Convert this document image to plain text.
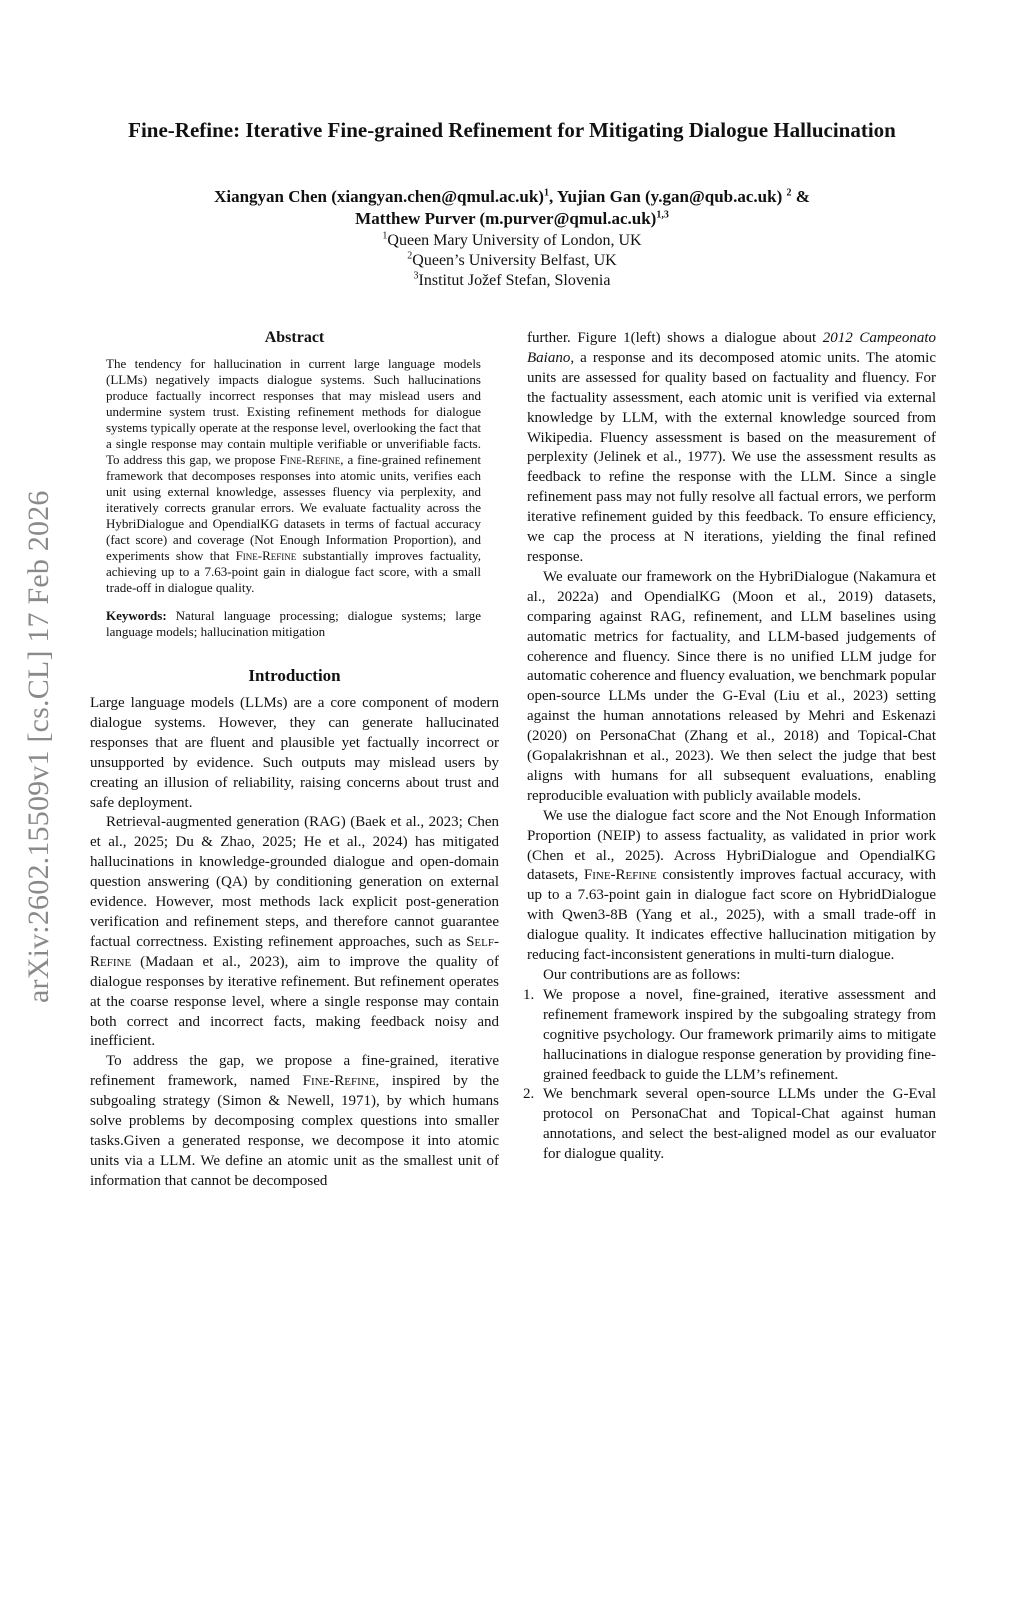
arXiv:2602.15509v1 [cs.CL] 17 Feb 2026
Fine-Refine: Iterative Fine-grained Refinement for Mitigating Dialogue Hallucination
Xiangyan Chen (xiangyan.chen@qmul.ac.uk)$^1$, Yujian Gan (y.gan@qub.ac.uk) $^2$ &
Matthew Purver (m.purver@qmul.ac.uk)$^{1,3}$
$^1$Queen Mary University of London, UK
$^2$Queen’s University Belfast, UK
$^3$Institut Jožef Stefan, Slovenia
Abstract

The tendency for hallucination in current large language models (LLMs) negatively impacts dialogue systems. Such hallucinations produce factually incorrect responses that may mislead users and undermine system trust. Existing refinement methods for dialogue systems typically operate at the response level, overlooking the fact that a single response may contain multiple verifiable or unverifiable facts. To address this gap, we propose Fine-Refine, a fine-grained refinement framework that decomposes responses into atomic units, verifies each unit using external knowledge, assesses fluency via perplexity, and iteratively corrects granular errors. We evaluate factuality across the HybriDialogue and OpendialKG datasets in terms of factual accuracy (fact score) and coverage (Not Enough Information Proportion), and experiments show that Fine-Refine substantially improves factuality, achieving up to a 7.63-point gain in dialogue fact score, with a small trade-off in dialogue quality.

Keywords: Natural language processing; dialogue systems; large language models; hallucination mitigation

Introduction

Large language models (LLMs) are a core component of modern dialogue systems. However, they can generate hallucinated responses that are fluent and plausible yet factually incorrect or unsupported by evidence. Such outputs may mislead users by creating an illusion of reliability, raising concerns about trust and safe deployment.

Retrieval-augmented generation (RAG) (Baek et al., 2023; Chen et al., 2025; Du & Zhao, 2025; He et al., 2024) has mitigated hallucinations in knowledge-grounded dialogue and open-domain question answering (QA) by conditioning generation on external evidence. However, most methods lack explicit post-generation verification and refinement steps, and therefore cannot guarantee factual correctness. Existing refinement approaches, such as Self-Refine (Madaan et al., 2023), aim to improve the quality of dialogue responses by iterative refinement. But refinement operates at the coarse response level, where a single response may contain both correct and incorrect facts, making feedback noisy and inefficient.

To address the gap, we propose a fine-grained, iterative refinement framework, named Fine-Refine, inspired by the subgoaling strategy (Simon & Newell, 1971), by which humans solve problems by decomposing complex questions into smaller tasks.Given a generated response, we decompose it into atomic units via a LLM. We define an atomic unit as the smallest unit of information that cannot be decomposed

further. Figure 1(left) shows a dialogue about 2012 Campeonato Baiano, a response and its decomposed atomic units. The atomic units are assessed for quality based on factuality and fluency. For the factuality assessment, each atomic unit is verified via external knowledge by LLM, with the external knowledge sourced from Wikipedia. Fluency assessment is based on the measurement of perplexity (Jelinek et al., 1977). We use the assessment results as feedback to refine the response with the LLM. Since a single refinement pass may not fully resolve all factual errors, we perform iterative refinement guided by this feedback. To ensure efficiency, we cap the process at N iterations, yielding the final refined response.

We evaluate our framework on the HybriDialogue (Nakamura et al., 2022a) and OpendialKG (Moon et al., 2019) datasets, comparing against RAG, refinement, and LLM baselines using automatic metrics for factuality, and LLM-based judgements of coherence and fluency. Since there is no unified LLM judge for automatic coherence and fluency evaluation, we benchmark popular open-source LLMs under the G-Eval (Liu et al., 2023) setting against the human annotations released by Mehri and Eskenazi (2020) on PersonaChat (Zhang et al., 2018) and Topical-Chat (Gopalakrishnan et al., 2023). We then select the judge that best aligns with humans for all subsequent evaluations, enabling reproducible evaluation with publicly available models.

We use the dialogue fact score and the Not Enough Information Proportion (NEIP) to assess factuality, as validated in prior work (Chen et al., 2025). Across HybriDialogue and OpendialKG datasets, Fine-Refine consistently improves factual accuracy, with up to a 7.63-point gain in dialogue fact score on HybridDialogue with Qwen3-8B (Yang et al., 2025), with a small trade-off in dialogue quality. It indicates effective hallucination mitigation by reducing fact-inconsistent generations in multi-turn dialogue.

Our contributions are as follows:

1. We propose a novel, fine-grained, iterative assessment and refinement framework inspired by the subgoaling strategy from cognitive psychology. Our framework primarily aims to mitigate hallucinations in dialogue response generation by providing fine-grained feedback to guide the LLM’s refinement.
2. We benchmark several open-source LLMs under the G-Eval protocol on PersonaChat and Topical-Chat against human annotations, and select the best-aligned model as our evaluator for dialogue quality.
